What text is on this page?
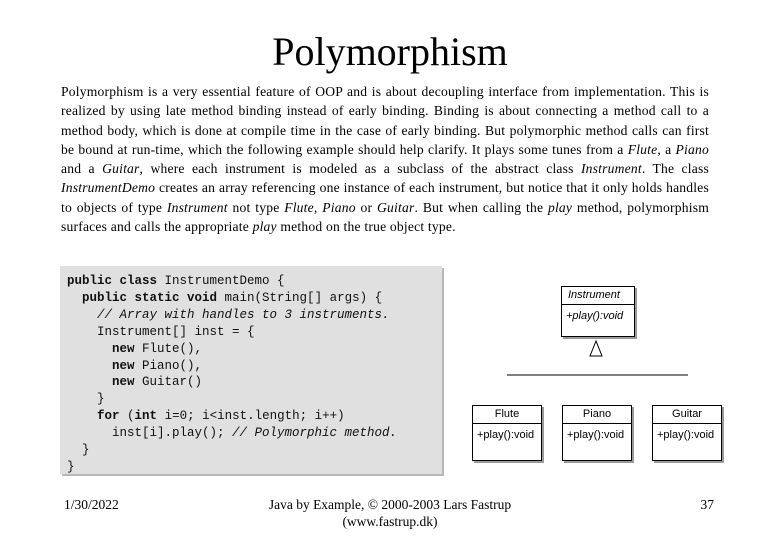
Polymorphism
Polymorphism is a very essential feature of OOP and is about decoupling interface from implementation. This is realized by using late method binding instead of early binding. Binding is about connecting a method call to a method body, which is done at compile time in the case of early binding. But polymorphic method calls can first be bound at run-time, which the following example should help clarify. It plays some tunes from a Flute, a Piano and a Guitar, where each instrument is modeled as a subclass of the abstract class Instrument. The class InstrumentDemo creates an array referencing one instance of each instrument, but notice that it only holds handles to objects of type Instrument not type Flute, Piano or Guitar. But when calling the play method, polymorphism surfaces and calls the appropriate play method on the true object type.
public class InstrumentDemo {
public static void main(String[] args) {
// Array with handles to 3 instruments.
Instrument[] inst = {
new Flute(),
new Piano(),
new Guitar()
}
for (int i=0; i<inst.length; i++)
inst[i].play(); // Polymorphic method.
}
}
Instrument
+play():void
Flute
+play():void
Piano
+play():void
Guitar
+play():void
1/30/2022	Java by Example, © 2000-2003 Lars Fastrup
(www.fastrup.dk)
37
